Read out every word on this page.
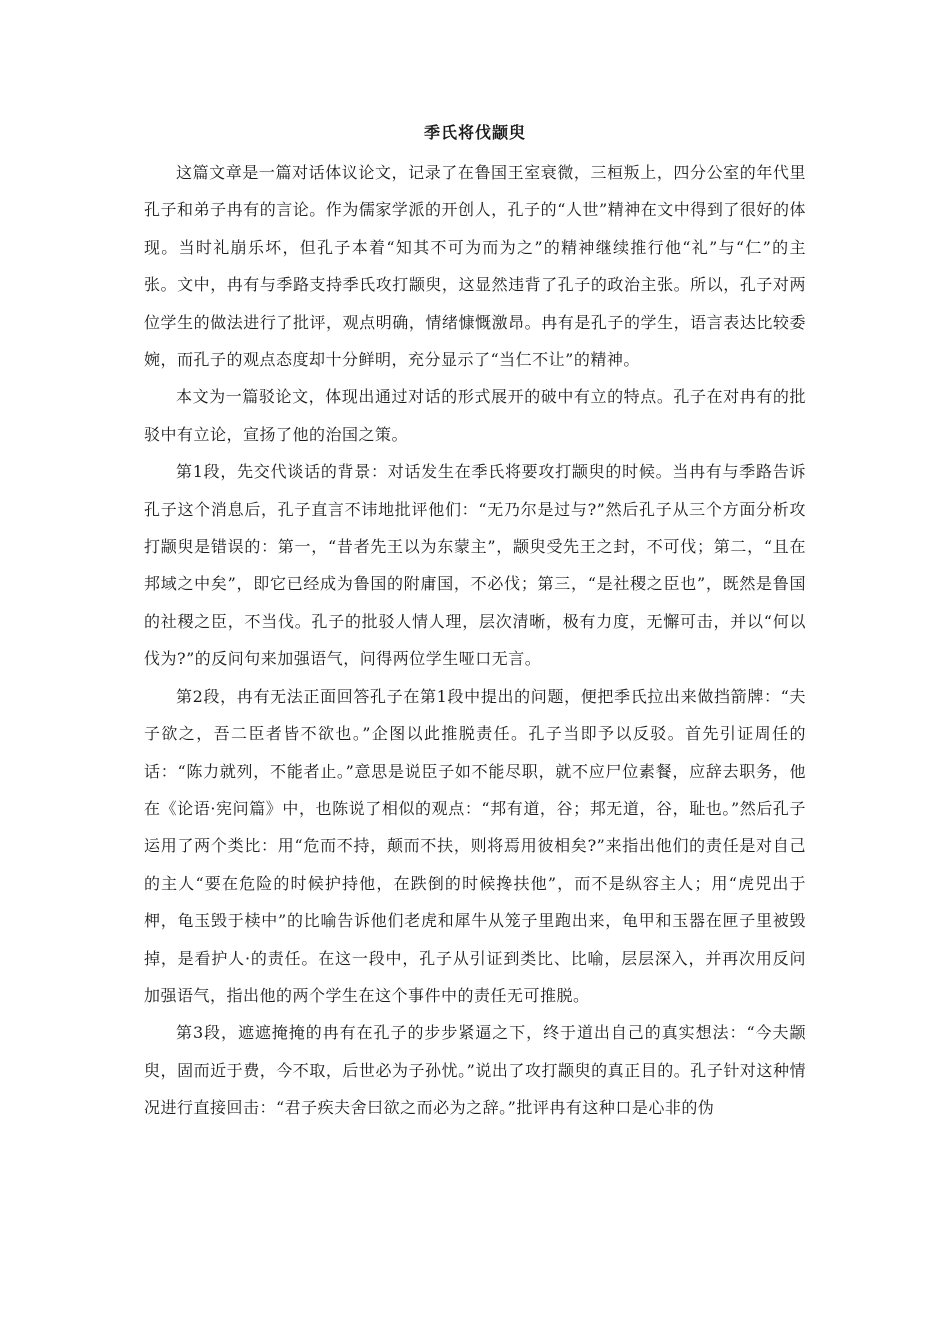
季氏将伐颛臾

这篇文章是一篇对话体议论文，记录了在鲁国王室衰微，三桓叛上，四分公室的年代里孔子和弟子冉有的言论。作为儒家学派的开创人，孔子的“人世”精神在文中得到了很好的体现。当时礼崩乐坏，但孔子本着“知其不可为而为之”的精神继续推行他“礼”与“仁”的主张。文中，冉有与季路支持季氏攻打颛臾，这显然违背了孔子的政治主张。所以，孔子对两位学生的做法进行了批评，观点明确，情绪慷慨激昂。冉有是孔子的学生，语言表达比较委婉，而孔子的观点态度却十分鲜明，充分显示了“当仁不让”的精神。

本文为一篇驳论文，体现出通过对话的形式展开的破中有立的特点。孔子在对冉有的批驳中有立论，宣扬了他的治国之策。

第1段，先交代谈话的背景：对话发生在季氏将要攻打颛臾的时候。当冉有与季路告诉孔子这个消息后，孔子直言不讳地批评他们：“无乃尔是过与?”然后孔子从三个方面分析攻打颛臾是错误的：第一，“昔者先王以为东蒙主”，颛臾受先王之封，不可伐；第二，“且在邦域之中矣”，即它已经成为鲁国的附庸国，不必伐；第三，“是社稷之臣也”，既然是鲁国的社稷之臣，不当伐。孔子的批驳人情人理，层次清晰，极有力度，无懈可击，并以“何以伐为?”的反问句来加强语气，问得两位学生哑口无言。

第2段，冉有无法正面回答孔子在第1段中提出的问题，便把季氏拉出来做挡箭牌：“夫子欲之，吾二臣者皆不欲也。”企图以此推脱责任。孔子当即予以反驳。首先引证周任的话：“陈力就列，不能者止。”意思是说臣子如不能尽职，就不应尸位素餐，应辞去职务，他在《论语·宪问篇》中，也陈说了相似的观点：“邦有道，谷；邦无道，谷，耻也。”然后孔子运用了两个类比：用“危而不持，颠而不扶，则将焉用彼相矣?”来指出他们的责任是对自己的主人“要在危险的时候护持他，在跌倒的时候搀扶他”，而不是纵容主人；用“虎兕出于柙，龟玉毁于椟中”的比喻告诉他们老虎和犀牛从笼子里跑出来，龟甲和玉器在匣子里被毁掉，是看护人·的责任。在这一段中，孔子从引证到类比、比喻，层层深入，并再次用反问加强语气，指出他的两个学生在这个事件中的责任无可推脱。

第3段，遮遮掩掩的冉有在孔子的步步紧逼之下，终于道出自己的真实想法：“今夫颛臾，固而近于费，今不取，后世必为子孙忧。”说出了攻打颛臾的真正目的。孔子针对这种情况进行直接回击：“君子疾夫舍曰欲之而必为之辞。”批评冉有这种口是心非的伪
